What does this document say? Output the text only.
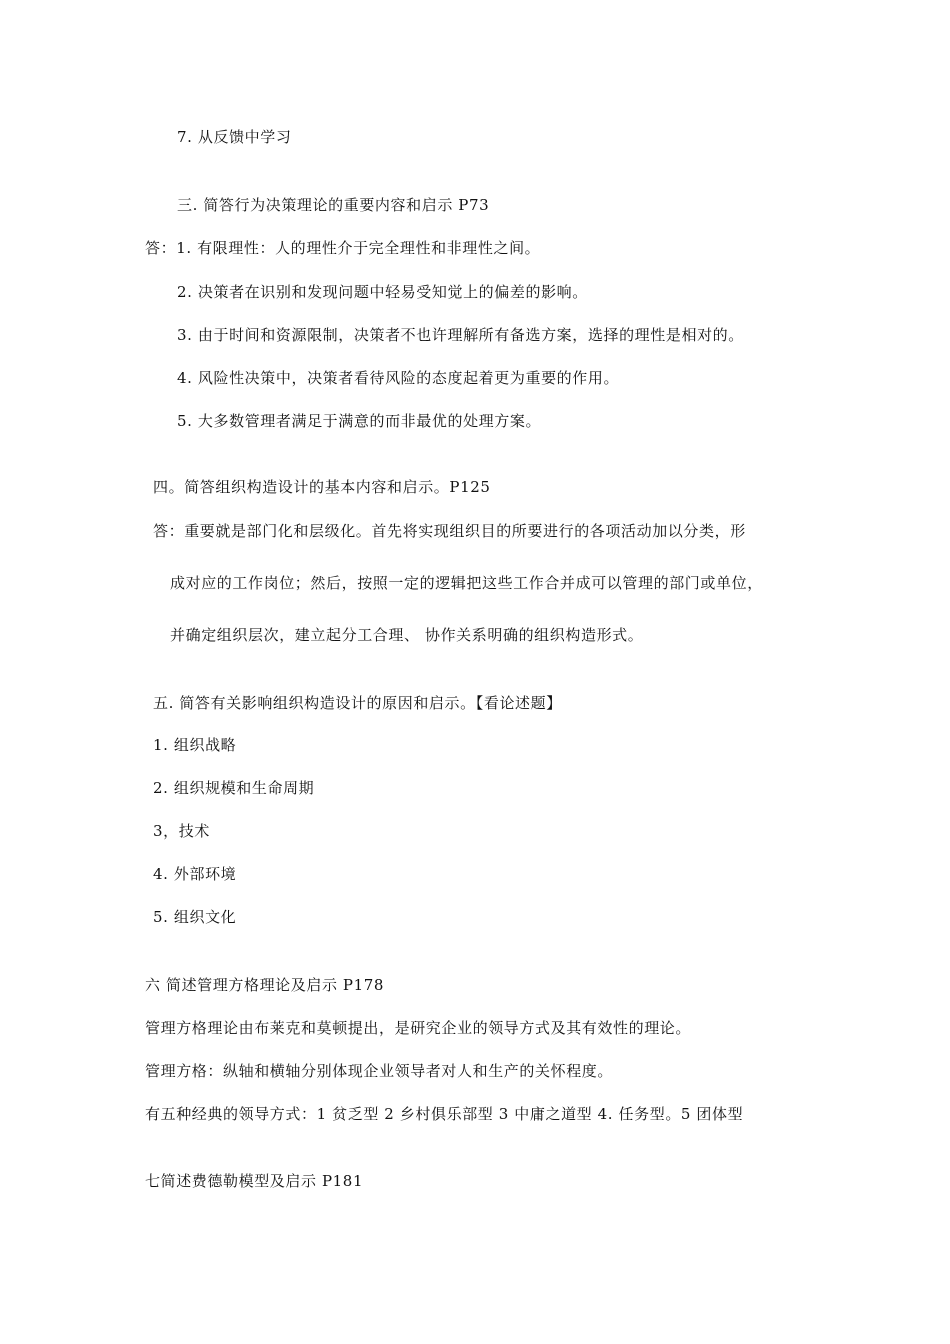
7. 从反馈中学习
三. 简答行为决策理论的重要内容和启示 P73
答：1. 有限理性：人的理性介于完全理性和非理性之间。
2. 决策者在识别和发现问题中轻易受知觉上的偏差的影响。
3. 由于时间和资源限制，决策者不也许理解所有备选方案，选择的理性是相对的。
4. 风险性决策中，决策者看待风险的态度起着更为重要的作用。
5. 大多数管理者满足于满意的而非最优的处理方案。
四。简答组织构造设计的基本内容和启示。P125
答：重要就是部门化和层级化。首先将实现组织目的所要进行的各项活动加以分类，形
成对应的工作岗位；然后，按照一定的逻辑把这些工作合并成可以管理的部门或单位，
并确定组织层次，建立起分工合理、 协作关系明确的组织构造形式。
五. 简答有关影响组织构造设计的原因和启示。【看论述题】
1. 组织战略
2. 组织规模和生命周期
3，技术
4. 外部环境
5. 组织文化
六 简述管理方格理论及启示 P178
管理方格理论由布莱克和莫顿提出，是研究企业的领导方式及其有效性的理论。
管理方格：纵轴和横轴分别体现企业领导者对人和生产的关怀程度。
有五种经典的领导方式：1 贫乏型 2 乡村俱乐部型 3 中庸之道型 4. 任务型。5 团体型
七简述费德勒模型及启示 P181
